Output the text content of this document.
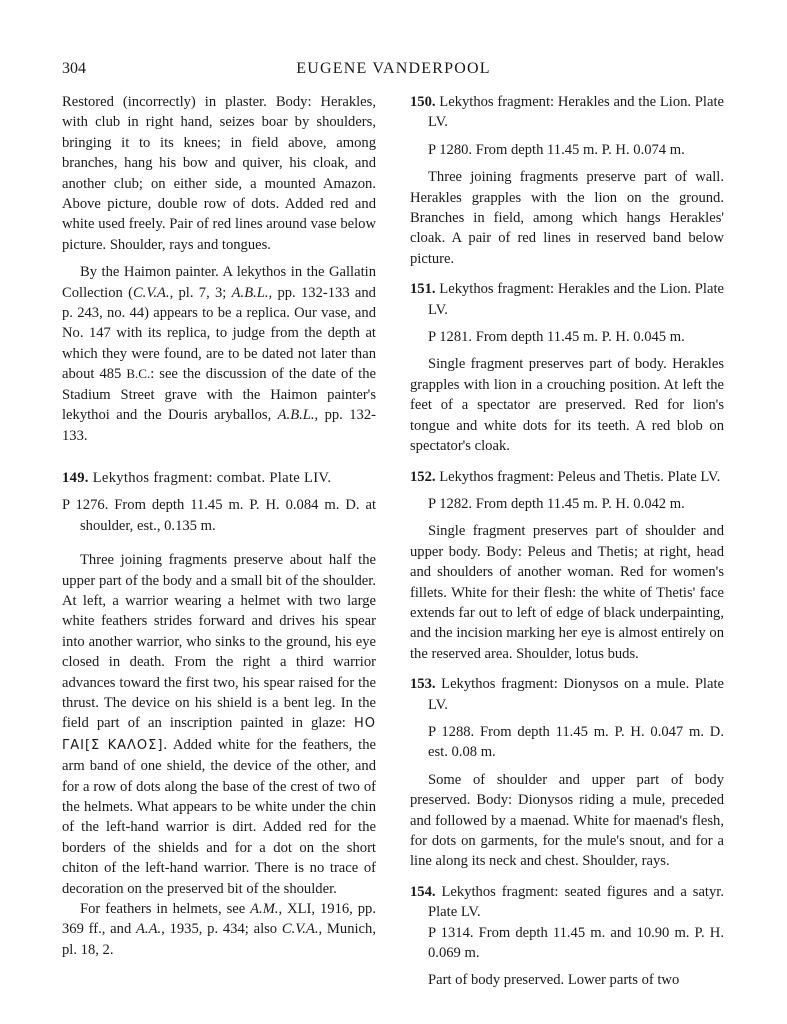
304	EUGENE VANDERPOOL

Restored (incorrectly) in plaster. Body: Herakles, with club in right hand, seizes boar by shoulders, bringing it to its knees; in field above, among branches, hang his bow and quiver, his cloak, and another club; on either side, a mounted Amazon. Above picture, double row of dots. Added red and white used freely. Pair of red lines around vase below picture. Shoulder, rays and tongues.

By the Haimon painter. A lekythos in the Gallatin Collection (C.V.A., pl. 7, 3; A.B.L., pp. 132-133 and p. 243, no. 44) appears to be a replica. Our vase, and No. 147 with its replica, to judge from the depth at which they were found, are to be dated not later than about 485 B.C.: see the discussion of the date of the Stadium Street grave with the Haimon painter's lekythoi and the Douris aryballos, A.B.L., pp. 132-133.

149. Lekythos fragment: combat. Plate LIV.

P 1276. From depth 11.45 m. P. H. 0.084 m. D. at shoulder, est., 0.135 m.

Three joining fragments preserve about half the upper part of the body and a small bit of the shoulder. At left, a warrior wearing a helmet with two large white feathers strides forward and drives his spear into another warrior, who sinks to the ground, his eye closed in death. From the right a third warrior advances toward the first two, his spear raised for the thrust. The device on his shield is a bent leg. In the field part of an inscription painted in glaze: HO ΓΑΙ[Σ ΚΑΛΟΣ]. Added white for the feathers, the arm band of one shield, the device of the other, and for a row of dots along the base of the crest of two of the helmets. What appears to be white under the chin of the left-hand warrior is dirt. Added red for the borders of the shields and for a dot on the short chiton of the left-hand warrior. There is no trace of decoration on the preserved bit of the shoulder.

For feathers in helmets, see A.M., XLI, 1916, pp. 369 ff., and A.A., 1935, p. 434; also C.V.A., Munich, pl. 18, 2.

150. Lekythos fragment: Herakles and the Lion. Plate LV.

P 1280. From depth 11.45 m. P. H. 0.074 m.

Three joining fragments preserve part of wall. Herakles grapples with the lion on the ground. Branches in field, among which hangs Herakles' cloak. A pair of red lines in reserved band below picture.

151. Lekythos fragment: Herakles and the Lion. Plate LV.

P 1281. From depth 11.45 m. P. H. 0.045 m.

Single fragment preserves part of body. Herakles grapples with lion in a crouching position. At left the feet of a spectator are preserved. Red for lion's tongue and white dots for its teeth. A red blob on spectator's cloak.

152. Lekythos fragment: Peleus and Thetis. Plate LV.

P 1282. From depth 11.45 m. P. H. 0.042 m.

Single fragment preserves part of shoulder and upper body. Body: Peleus and Thetis; at right, head and shoulders of another woman. Red for women's fillets. White for their flesh: the white of Thetis' face extends far out to left of edge of black underpainting, and the incision marking her eye is almost entirely on the reserved area. Shoulder, lotus buds.

153. Lekythos fragment: Dionysos on a mule. Plate LV.

P 1288. From depth 11.45 m. P. H. 0.047 m. D. est. 0.08 m.

Some of shoulder and upper part of body preserved. Body: Dionysos riding a mule, preceded and followed by a maenad. White for maenad's flesh, for dots on garments, for the mule's snout, and for a line along its neck and chest. Shoulder, rays.

154. Lekythos fragment: seated figures and a satyr. Plate LV.

P 1314. From depth 11.45 m. and 10.90 m. P. H. 0.069 m.

Part of body preserved. Lower parts of two
